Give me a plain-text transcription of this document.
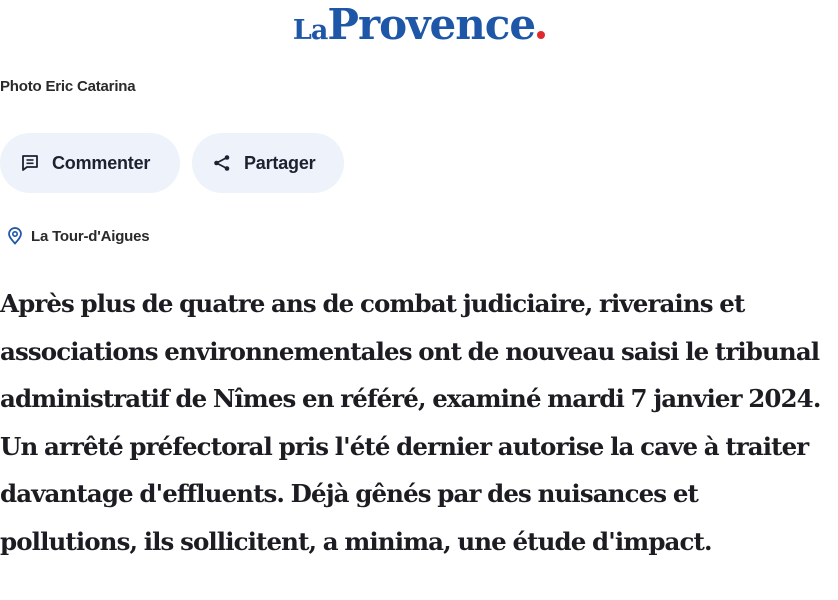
LaProvence
Photo Eric Catarina
Commenter	Partager
La Tour-d'Aigues

Après plus de quatre ans de combat judiciaire, riverains et associations environnementales ont de nouveau saisi le tribunal administratif de Nîmes en référé, examiné mardi 7 janvier 2024. Un arrêté préfectoral pris l'été dernier autorise la cave à traiter davantage d'effluents. Déjà gênés par des nuisances et pollutions, ils sollicitent, a minima, une étude d'impact.
